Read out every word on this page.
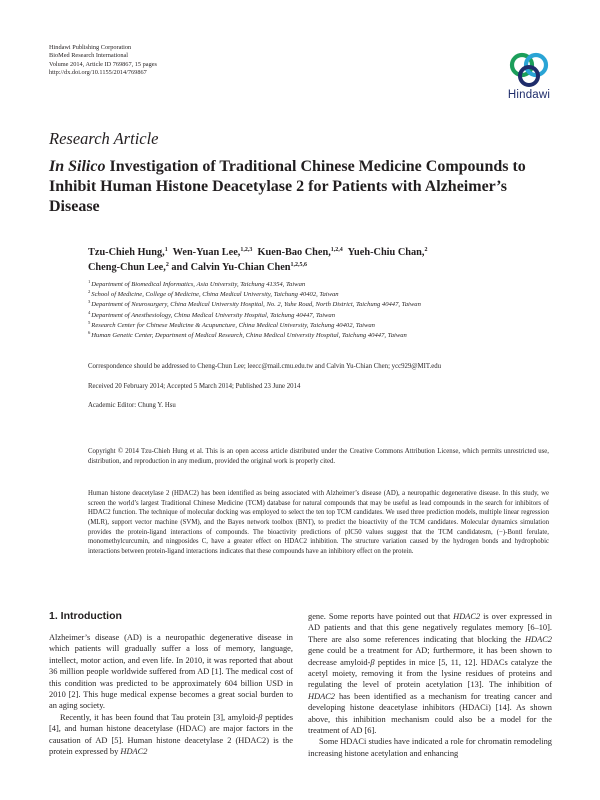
Hindawi Publishing Corporation
BioMed Research International
Volume 2014, Article ID 769867, 15 pages
http://dx.doi.org/10.1155/2014/769867
Hindawi
Research Article
In Silico Investigation of Traditional Chinese Medicine Compounds to Inhibit Human Histone Deacetylase 2 for Patients with Alzheimer’s Disease
Tzu-Chieh Hung,$^1$ Wen-Yuan Lee,$^{1,2,3}$ Kuen-Bao Chen,$^{1,2,4}$ Yueh-Chiu Chan,$^2$
Cheng-Chun Lee,$^2$ and Calvin Yu-Chian Chen$^{1,2,5,6}$
$^1$Department of Biomedical Informatics, Asia University, Taichung 41354, Taiwan
$^2$School of Medicine, College of Medicine, China Medical University, Taichung 40402, Taiwan
$^3$Department of Neurosurgery, China Medical University Hospital, No. 2, Yuhe Road, North District, Taichung 40447, Taiwan
$^4$Department of Anesthesiology, China Medical University Hospital, Taichung 40447, Taiwan
$^5$Research Center for Chinese Medicine & Acupuncture, China Medical University, Taichung 40402, Taiwan
$^6$Human Genetic Center, Department of Medical Research, China Medical University Hospital, Taichung 40447, Taiwan
Correspondence should be addressed to Cheng-Chun Lee; leecc@mail.cmu.edu.tw and Calvin Yu-Chian Chen; ycc929@MIT.edu
Received 20 February 2014; Accepted 5 March 2014; Published 23 June 2014
Academic Editor: Chung Y. Hsu
Copyright © 2014 Tzu-Chieh Hung et al. This is an open access article distributed under the Creative Commons Attribution License, which permits unrestricted use, distribution, and reproduction in any medium, provided the original work is properly cited.
Human histone deacetylase 2 (HDAC2) has been identified as being associated with Alzheimer’s disease (AD), a neuropathic degenerative disease. In this study, we screen the world’s largest Traditional Chinese Medicine (TCM) database for natural compounds that may be useful as lead compounds in the search for inhibitors of HDAC2 function. The technique of molecular docking was employed to select the ten top TCM candidates. We used three prediction models, multiple linear regression (MLR), support vector machine (SVM), and the Bayes network toolbox (BNT), to predict the bioactivity of the TCM candidates. Molecular dynamics simulation provides the protein-ligand interactions of compounds. The bioactivity predictions of pIC50 values suggest that the TCM candidatesm, (−)-Bontl ferulate, monomethylcurcumin, and ningposides C, have a greater effect on HDAC2 inhibition. The structure variation caused by the hydrogen bonds and hydrophobic interactions between protein-ligand interactions indicates that these compounds have an inhibitory effect on the protein.
1. Introduction

Alzheimer’s disease (AD) is a neuropathic degenerative disease in which patients will gradually suffer a loss of memory, language, intellect, motor action, and even life. In 2010, it was reported that about 36 million people worldwide suffered from AD [1]. The medical cost of this condition was predicted to be approximately 604 billion USD in 2010 [2]. This huge medical expense becomes a great social burden to an aging society.

Recently, it has been found that Tau protein [3], amyloid-β peptides [4], and human histone deacetylase (HDAC) are major factors in the causation of AD [5]. Human histone deacetylase 2 (HDAC2) is the protein expressed by HDAC2

gene. Some reports have pointed out that HDAC2 is over expressed in AD patients and that this gene negatively regulates memory [6–10]. There are also some references indicating that blocking the HDAC2 gene could be a treatment for AD; furthermore, it has been shown to decrease amyloid-β peptides in mice [5, 11, 12]. HDACs catalyze the acetyl moiety, removing it from the lysine residues of proteins and regulating the level of protein acetylation [13]. The inhibition of HDAC2 has been identified as a mechanism for treating cancer and developing histone deacetylase inhibitors (HDACi) [14]. As shown above, this inhibition mechanism could also be a model for the treatment of AD [6].

Some HDACi studies have indicated a role for chromatin remodeling increasing histone acetylation and enhancing
